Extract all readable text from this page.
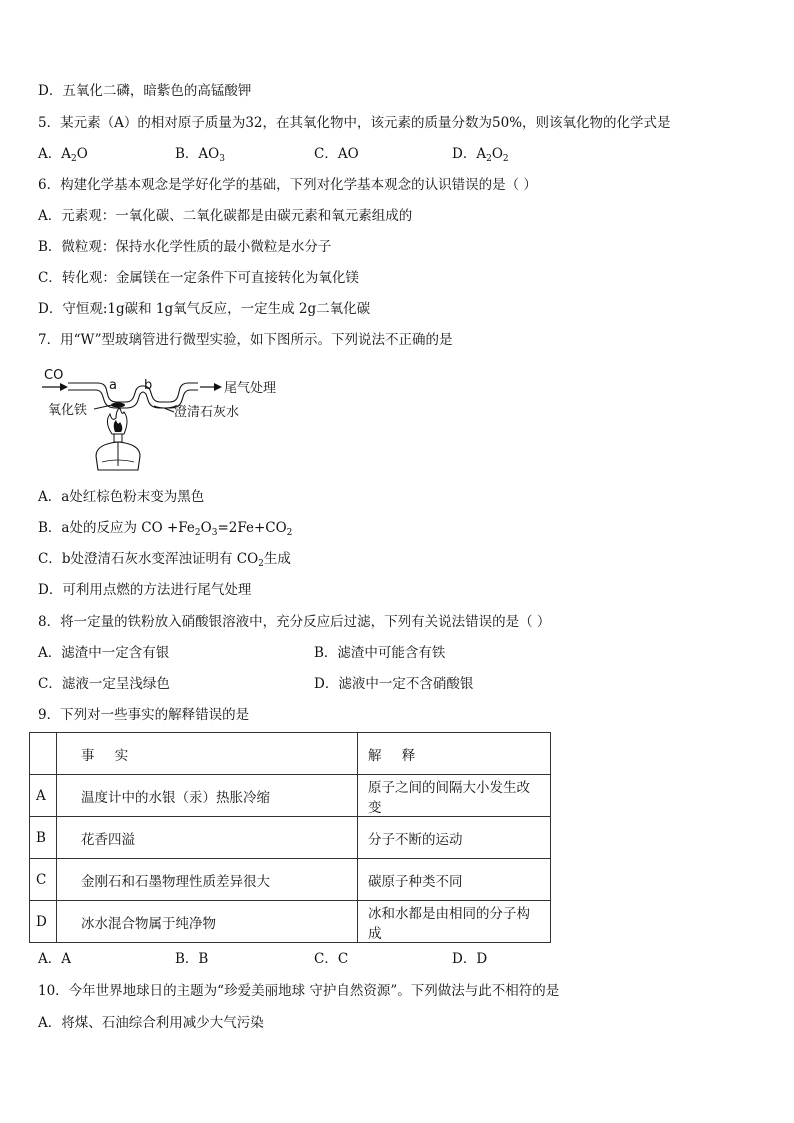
D．五氧化二磷，暗紫色的高锰酸钾
5．某元素（A）的相对原子质量为32，在其氧化物中，该元素的质量分数为50%，则该氧化物的化学式是
A．$A_2O$	B．$AO_3$	C．AO	D．$A_2O_2$
6．构建化学基本观念是学好化学的基础，下列对化学基本观念的认识错误的是（ ）
A．元素观：一氧化碳、二氧化碳都是由碳元素和氧元素组成的
B．微粒观：保持水化学性质的最小微粒是水分子
C．转化观：金属镁在一定条件下可直接转化为氧化镁
D．守恒观:1g碳和 1g氧气反应，一定生成 2g二氧化碳
7．用“W”型玻璃管进行微型实验，如下图所示。下列说法不正确的是
CO
a b	尾气处理
氧化铁	澄清石灰水
A．a处红棕色粉末变为黑色
B．a处的反应为 CO $+Fe_2O_3=2Fe+CO_2$
C．b处澄清石灰水变浑浊证明有 $CO_2$生成
D．可利用点燃的方法进行尾气处理
8．将一定量的铁粉放入硝酸银溶液中，充分反应后过滤，下列有关说法错误的是（ ）
A．滤渣中一定含有银	B．滤渣中可能含有铁
C．滤液一定呈浅绿色	D．滤液中一定不含硝酸银
9．下列对一些事实的解释错误的是
	事 实	解 释
A	温度计中的水银（汞）热胀冷缩	原子之间的间隔大小发生改变
B	花香四溢	分子不断的运动
C	金刚石和石墨物理性质差异很大	碳原子种类不同
D	冰水混合物属于纯净物	冰和水都是由相同的分子构成
A．A	B．B	C．C	D．D
10．今年世界地球日的主题为“珍爱美丽地球 守护自然资源”。下列做法与此不相符的是
A．将煤、石油综合利用减少大气污染
